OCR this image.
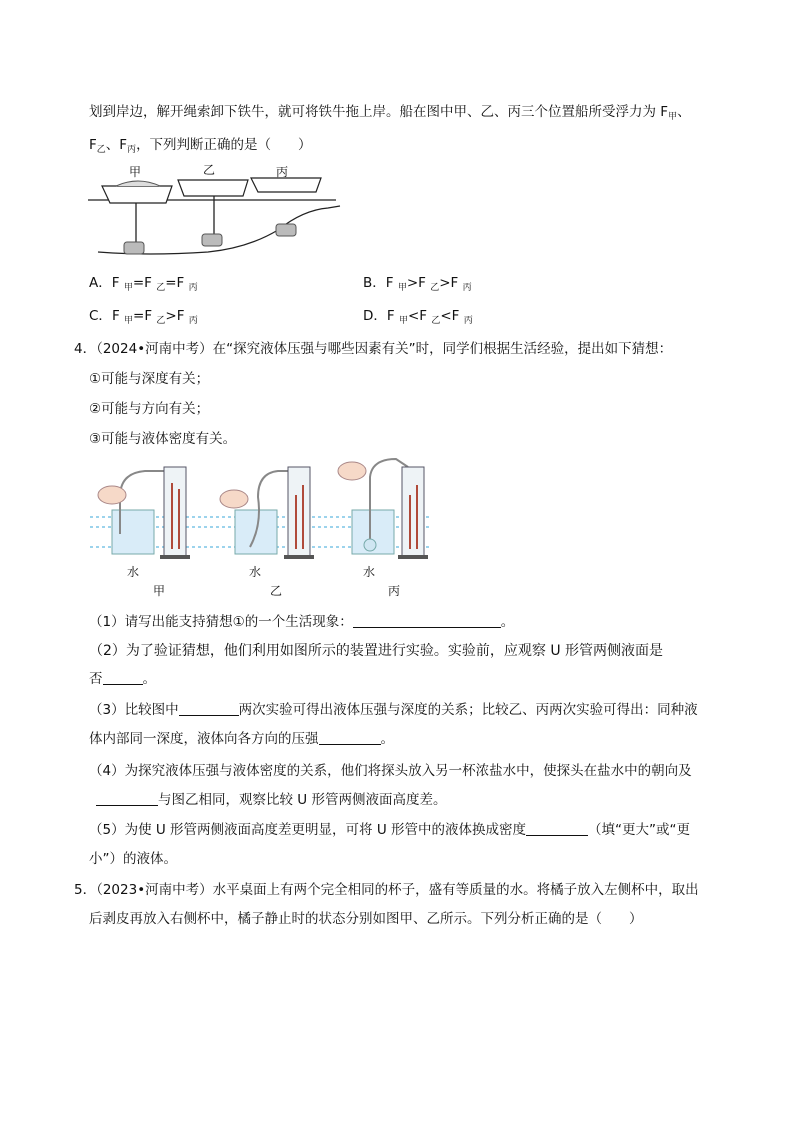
划到岸边，解开绳索卸下铁牛，就可将铁牛拖上岸。船在图中甲、乙、丙三个位置船所受浮力为 $F_甲$、
$F_乙$、$F_丙$，下列判断正确的是（　　）
甲	乙	丙
A．F $_甲$=F $_乙$=F $_丙$	B．F $_甲$>F $_乙$>F $_丙$
C．F $_甲$=F $_乙$>F $_丙$	D．F $_甲$<F $_乙$<F $_丙$
4．（2024•河南中考）在“探究液体压强与哪些因素有关”时，同学们根据生活经验，提出如下猜想：
①可能与深度有关；
②可能与方向有关；
③可能与液体密度有关。
水	水	水
甲	乙	丙
（1）请写出能支持猜想①的一个生活现象：	。
（2）为了验证猜想，他们利用如图所示的装置进行实验。实验前，应观察 U 形管两侧液面是
否	。
（3）比较图中	两次实验可得出液体压强与深度的关系；比较乙、丙两次实验可得出：同种液
体内部同一深度，液体向各方向的压强	。
（4）为探究液体压强与液体密度的关系，他们将探头放入另一杯浓盐水中，使探头在盐水中的朝向及
与图乙相同，观察比较 U 形管两侧液面高度差。
（5）为使 U 形管两侧液面高度差更明显，可将 U 形管中的液体换成密度	（填“更大”或“更
小”）的液体。
5．（2023•河南中考）水平桌面上有两个完全相同的杯子，盛有等质量的水。将橘子放入左侧杯中，取出
后剥皮再放入右侧杯中，橘子静止时的状态分别如图甲、乙所示。下列分析正确的是（　　）
